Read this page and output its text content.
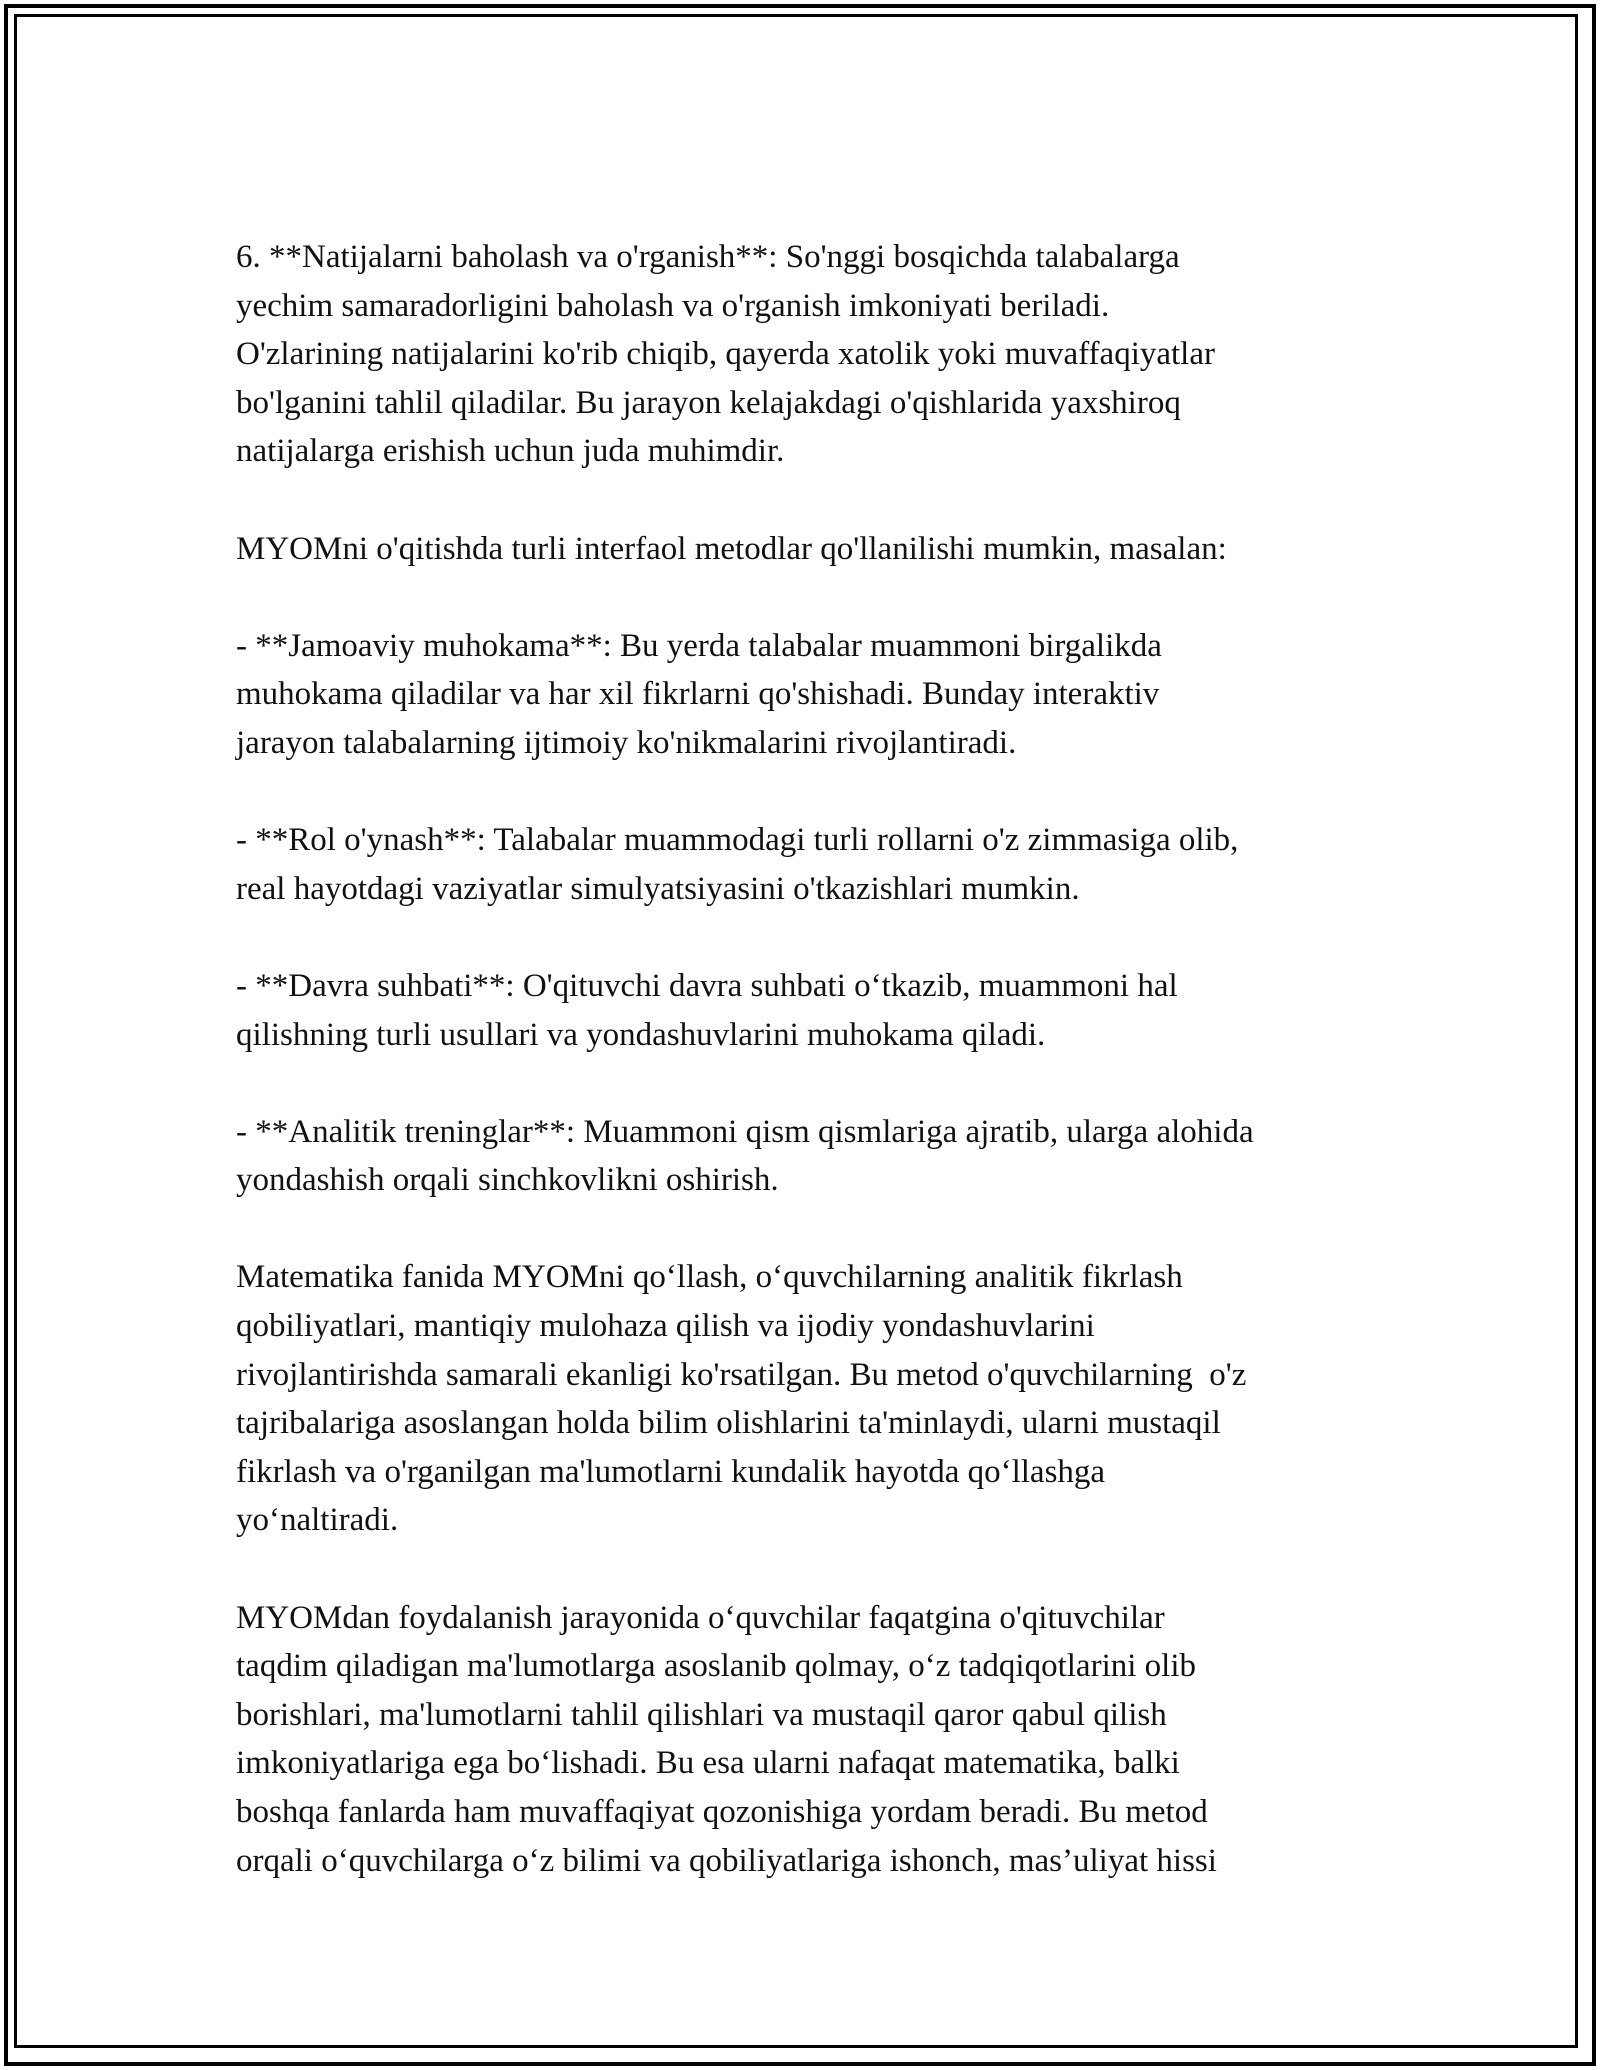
6. **Natijalarni baholash va o'rganish**: So'nggi bosqichda talabalarga
yechim samaradorligini baholash va o'rganish imkoniyati beriladi.
O'zlarining natijalarini ko'rib chiqib, qayerda xatolik yoki muvaffaqiyatlar
bo'lganini tahlil qiladilar. Bu jarayon kelajakdagi o'qishlarida yaxshiroq
natijalarga erishish uchun juda muhimdir.
MYOMni o'qitishda turli interfaol metodlar qo'llanilishi mumkin, masalan:
- **Jamoaviy muhokama**: Bu yerda talabalar muammoni birgalikda
muhokama qiladilar va har xil fikrlarni qo'shishadi. Bunday interaktiv
jarayon talabalarning ijtimoiy ko'nikmalarini rivojlantiradi.
- **Rol o'ynash**: Talabalar muammodagi turli rollarni o'z zimmasiga olib,
real hayotdagi vaziyatlar simulyatsiyasini o'tkazishlari mumkin.
- **Davra suhbati**: O'qituvchi davra suhbati o‘tkazib, muammoni hal
qilishning turli usullari va yondashuvlarini muhokama qiladi.
- **Analitik treninglar**: Muammoni qism qismlariga ajratib, ularga alohida
yondashish orqali sinchkovlikni oshirish.
Matematika fanida MYOMni qo‘llash, o‘quvchilarning analitik fikrlash
qobiliyatlari, mantiqiy mulohaza qilish va ijodiy yondashuvlarini
rivojlantirishda samarali ekanligi ko'rsatilgan. Bu metod o'quvchilarning  o'z
tajribalariga asoslangan holda bilim olishlarini ta'minlaydi, ularni mustaqil
fikrlash va o'rganilgan ma'lumotlarni kundalik hayotda qo‘llashga
yo‘naltiradi.
MYOMdan foydalanish jarayonida o‘quvchilar faqatgina o'qituvchilar
taqdim qiladigan ma'lumotlarga asoslanib qolmay, o‘z tadqiqotlarini olib
borishlari, ma'lumotlarni tahlil qilishlari va mustaqil qaror qabul qilish
imkoniyatlariga ega bo‘lishadi. Bu esa ularni nafaqat matematika, balki
boshqa fanlarda ham muvaffaqiyat qozonishiga yordam beradi. Bu metod
orqali o‘quvchilarga o‘z bilimi va qobiliyatlariga ishonch, mas’uliyat hissi
